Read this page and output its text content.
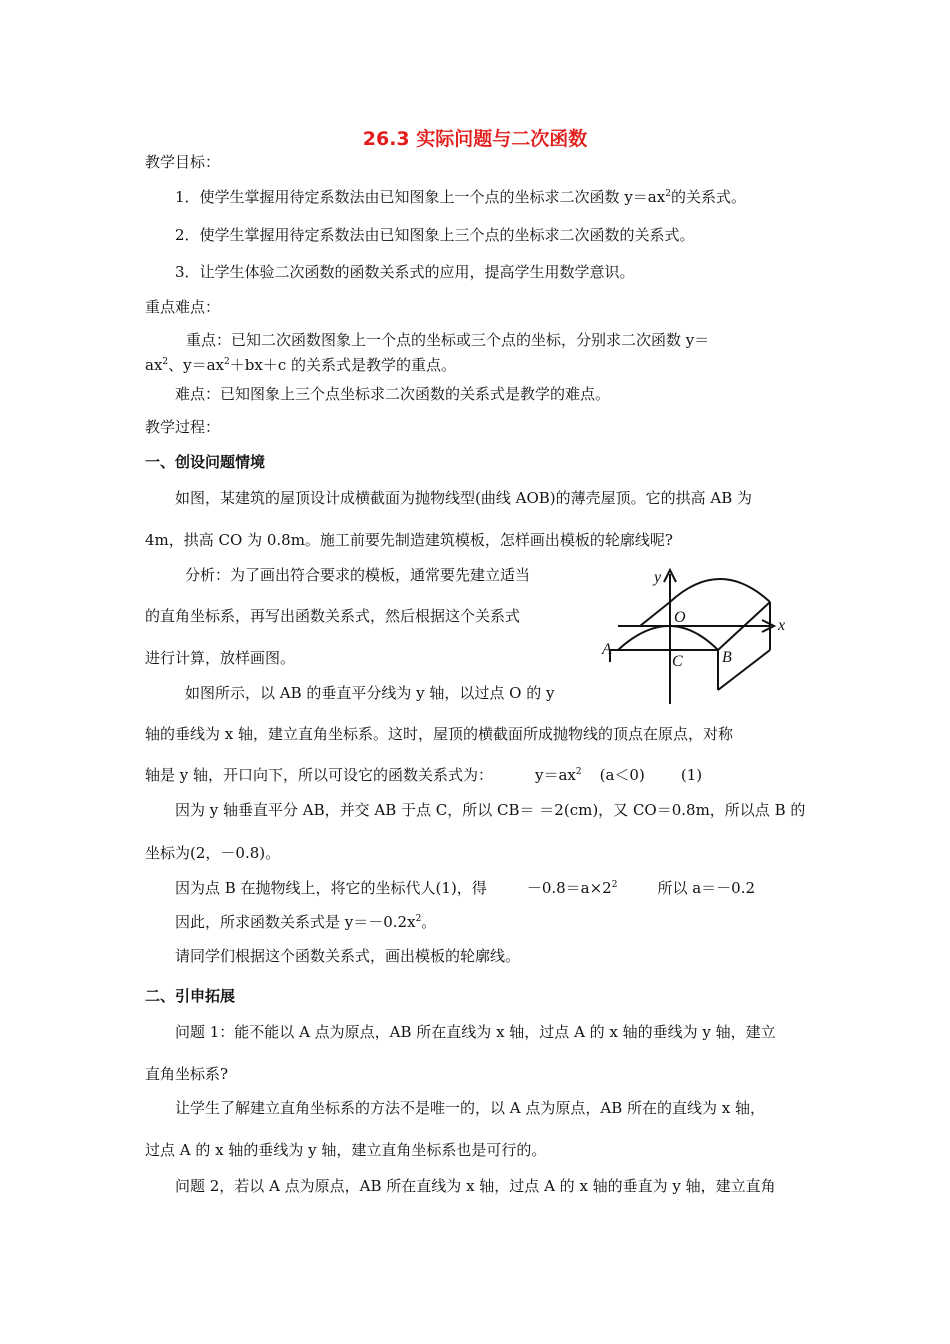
26.3 实际问题与二次函数
教学目标：
1．使学生掌握用待定系数法由已知图象上一个点的坐标求二次函数 $y=ax^2$的关系式。
2．使学生掌握用待定系数法由已知图象上三个点的坐标求二次函数的关系式。
3．让学生体验二次函数的函数关系式的应用，提高学生用数学意识。
重点难点：
重点：已知二次函数图象上一个点的坐标或三个点的坐标，分别求二次函数 y＝
$ax^2$、$y=ax^2+bx+c$ 的关系式是教学的重点。
难点：已知图象上三个点坐标求二次函数的关系式是教学的难点。
教学过程：
一、创设问题情境
如图，某建筑的屋顶设计成横截面为抛物线型(曲线 AOB)的薄壳屋顶。它的拱高 AB 为
4m，拱高 CO 为 0.8m。施工前要先制造建筑模板，怎样画出模板的轮廓线呢?
分析：为了画出符合要求的模板，通常要先建立适当
的直角坐标系，再写出函数关系式，然后根据这个关系式
进行计算，放样画图。
y
x
O
A	B
C
如图所示，以 AB 的垂直平分线为 y 轴，以过点 O 的 y
轴的垂线为 x 轴，建立直角坐标系。这时，屋顶的横截面所成抛物线的顶点在原点，对称
轴是 y 轴，开口向下，所以可设它的函数关系式为：	$y=ax^2$ (a＜0) (1)
因为 y 轴垂直平分 AB，并交 AB 于点 C，所以 CB＝ ＝2(cm)，又 CO＝0.8m，所以点 B 的
坐标为(2，－0.8)。
因为点 B 在抛物线上，将它的坐标代人(1)，得	$-0.8=a\times 2^2$	所以 a＝－0.2
因此，所求函数关系式是 $y=-0.2x^2$。
请同学们根据这个函数关系式，画出模板的轮廓线。
二、引申拓展
问题 1：能不能以 A 点为原点，AB 所在直线为 x 轴，过点 A 的 x 轴的垂线为 y 轴，建立
直角坐标系?
让学生了解建立直角坐标系的方法不是唯一的，以 A 点为原点，AB 所在的直线为 x 轴，
过点 A 的 x 轴的垂线为 y 轴，建立直角坐标系也是可行的。
问题 2，若以 A 点为原点，AB 所在直线为 x 轴，过点 A 的 x 轴的垂直为 y 轴，建立直角
